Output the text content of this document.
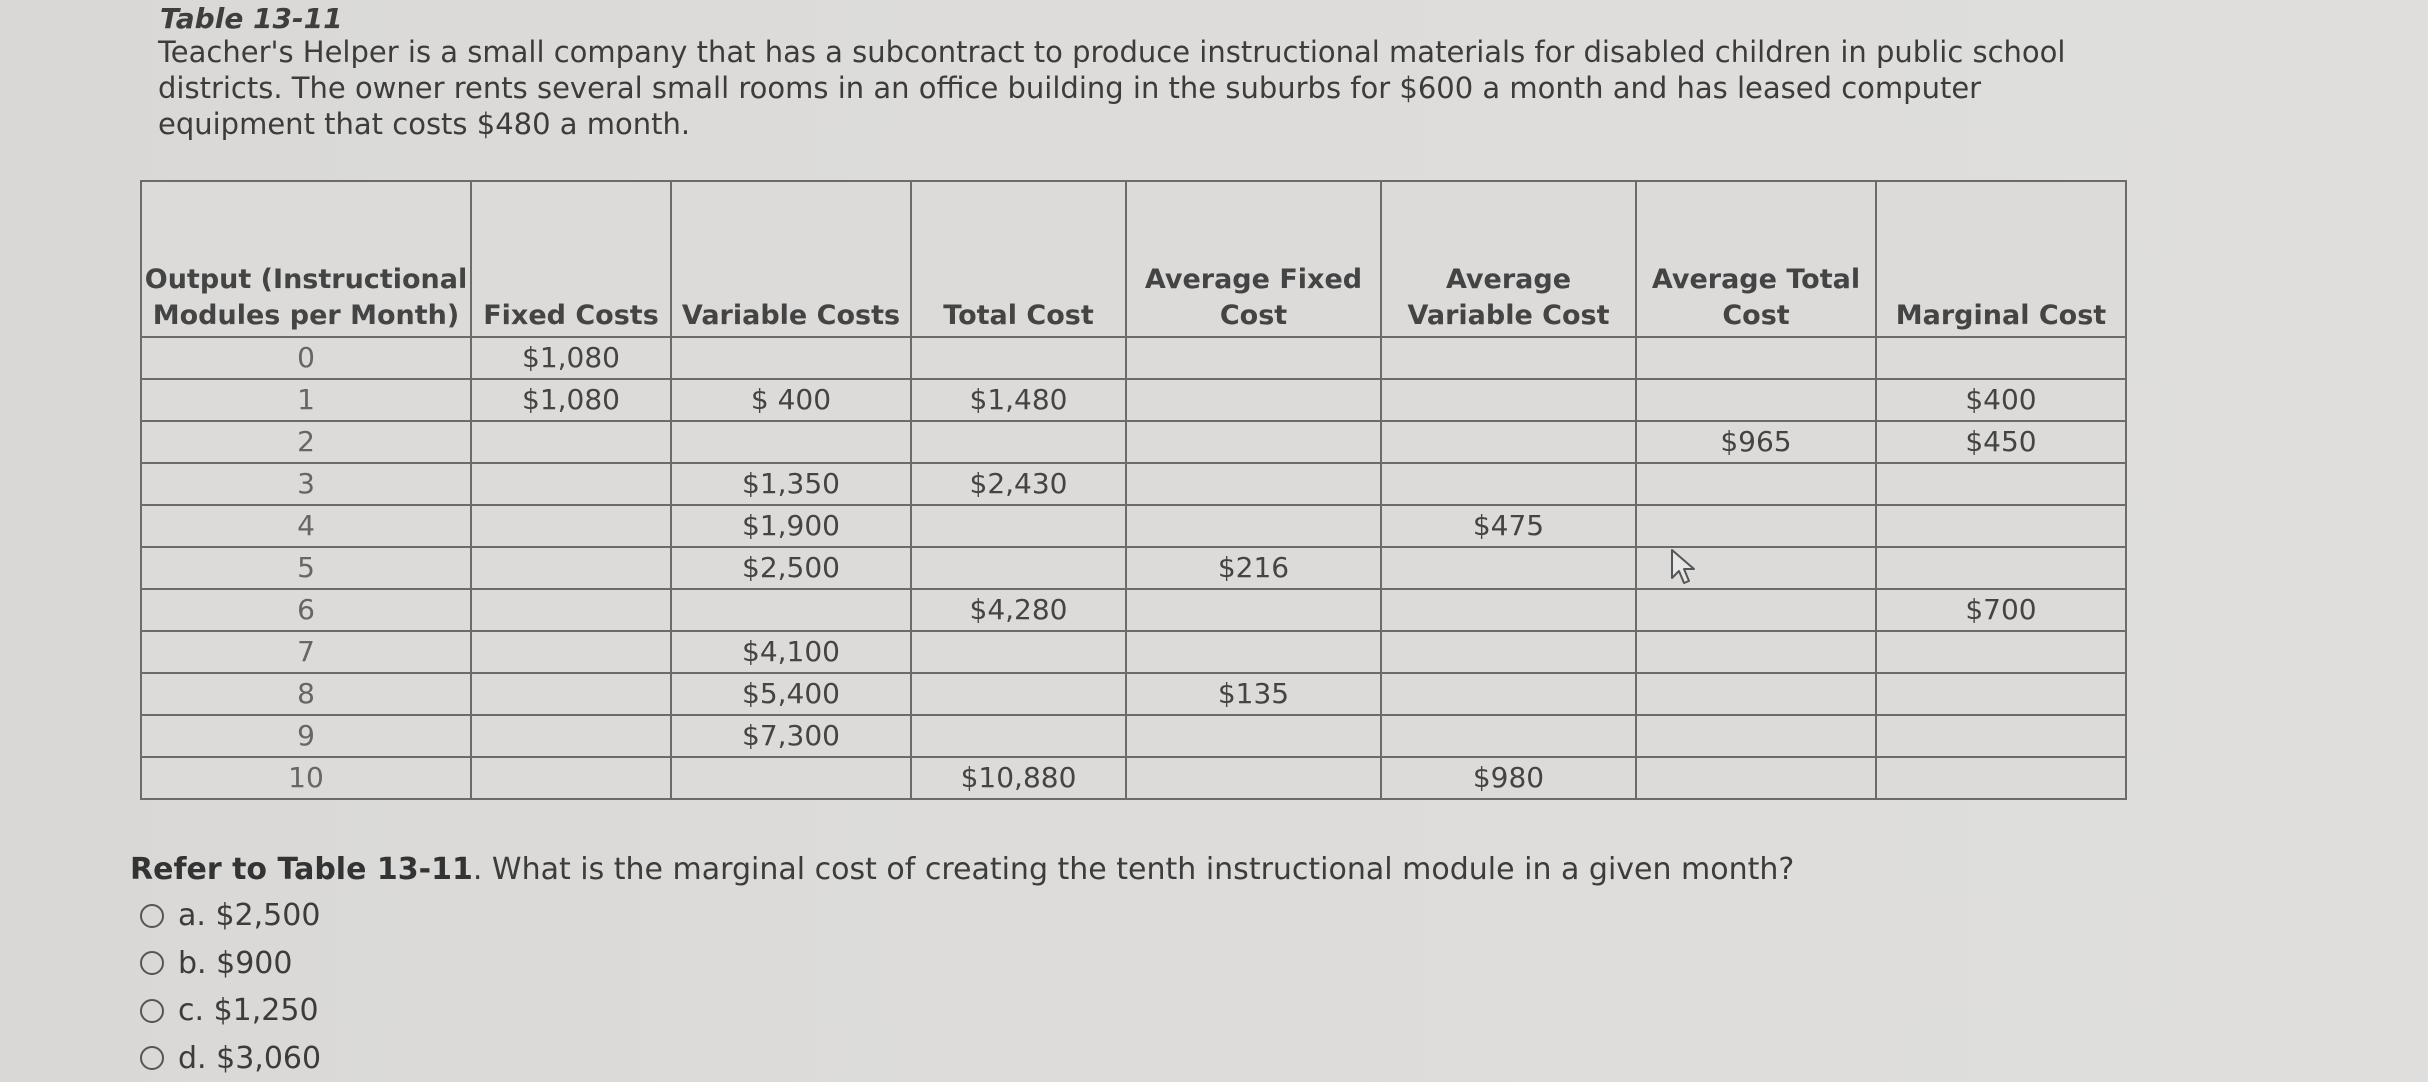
Table 13-11
Teacher's Helper is a small company that has a subcontract to produce instructional materials for disabled children in public school districts. The owner rents several small rooms in an office building in the suburbs for $600 a month and has leased computer equipment that costs $480 a month.
Output (Instructional Modules per Month)	Fixed Costs	Variable Costs	Total Cost	Average Fixed Cost	Average Variable Cost	Average Total Cost	Marginal Cost
0	$1,080						
1	$1,080	$ 400	$1,480				$400
2						$965	$450
3		$1,350	$2,430				
4		$1,900			$475		
5		$2,500		$216			
6			$4,280				$700
7		$4,100					
8		$5,400		$135			
9		$7,300					
10			$10,880		$980		
Refer to Table 13-11. What is the marginal cost of creating the tenth instructional module in a given month?
a. $2,500
b. $900
c. $1,250
d. $3,060
